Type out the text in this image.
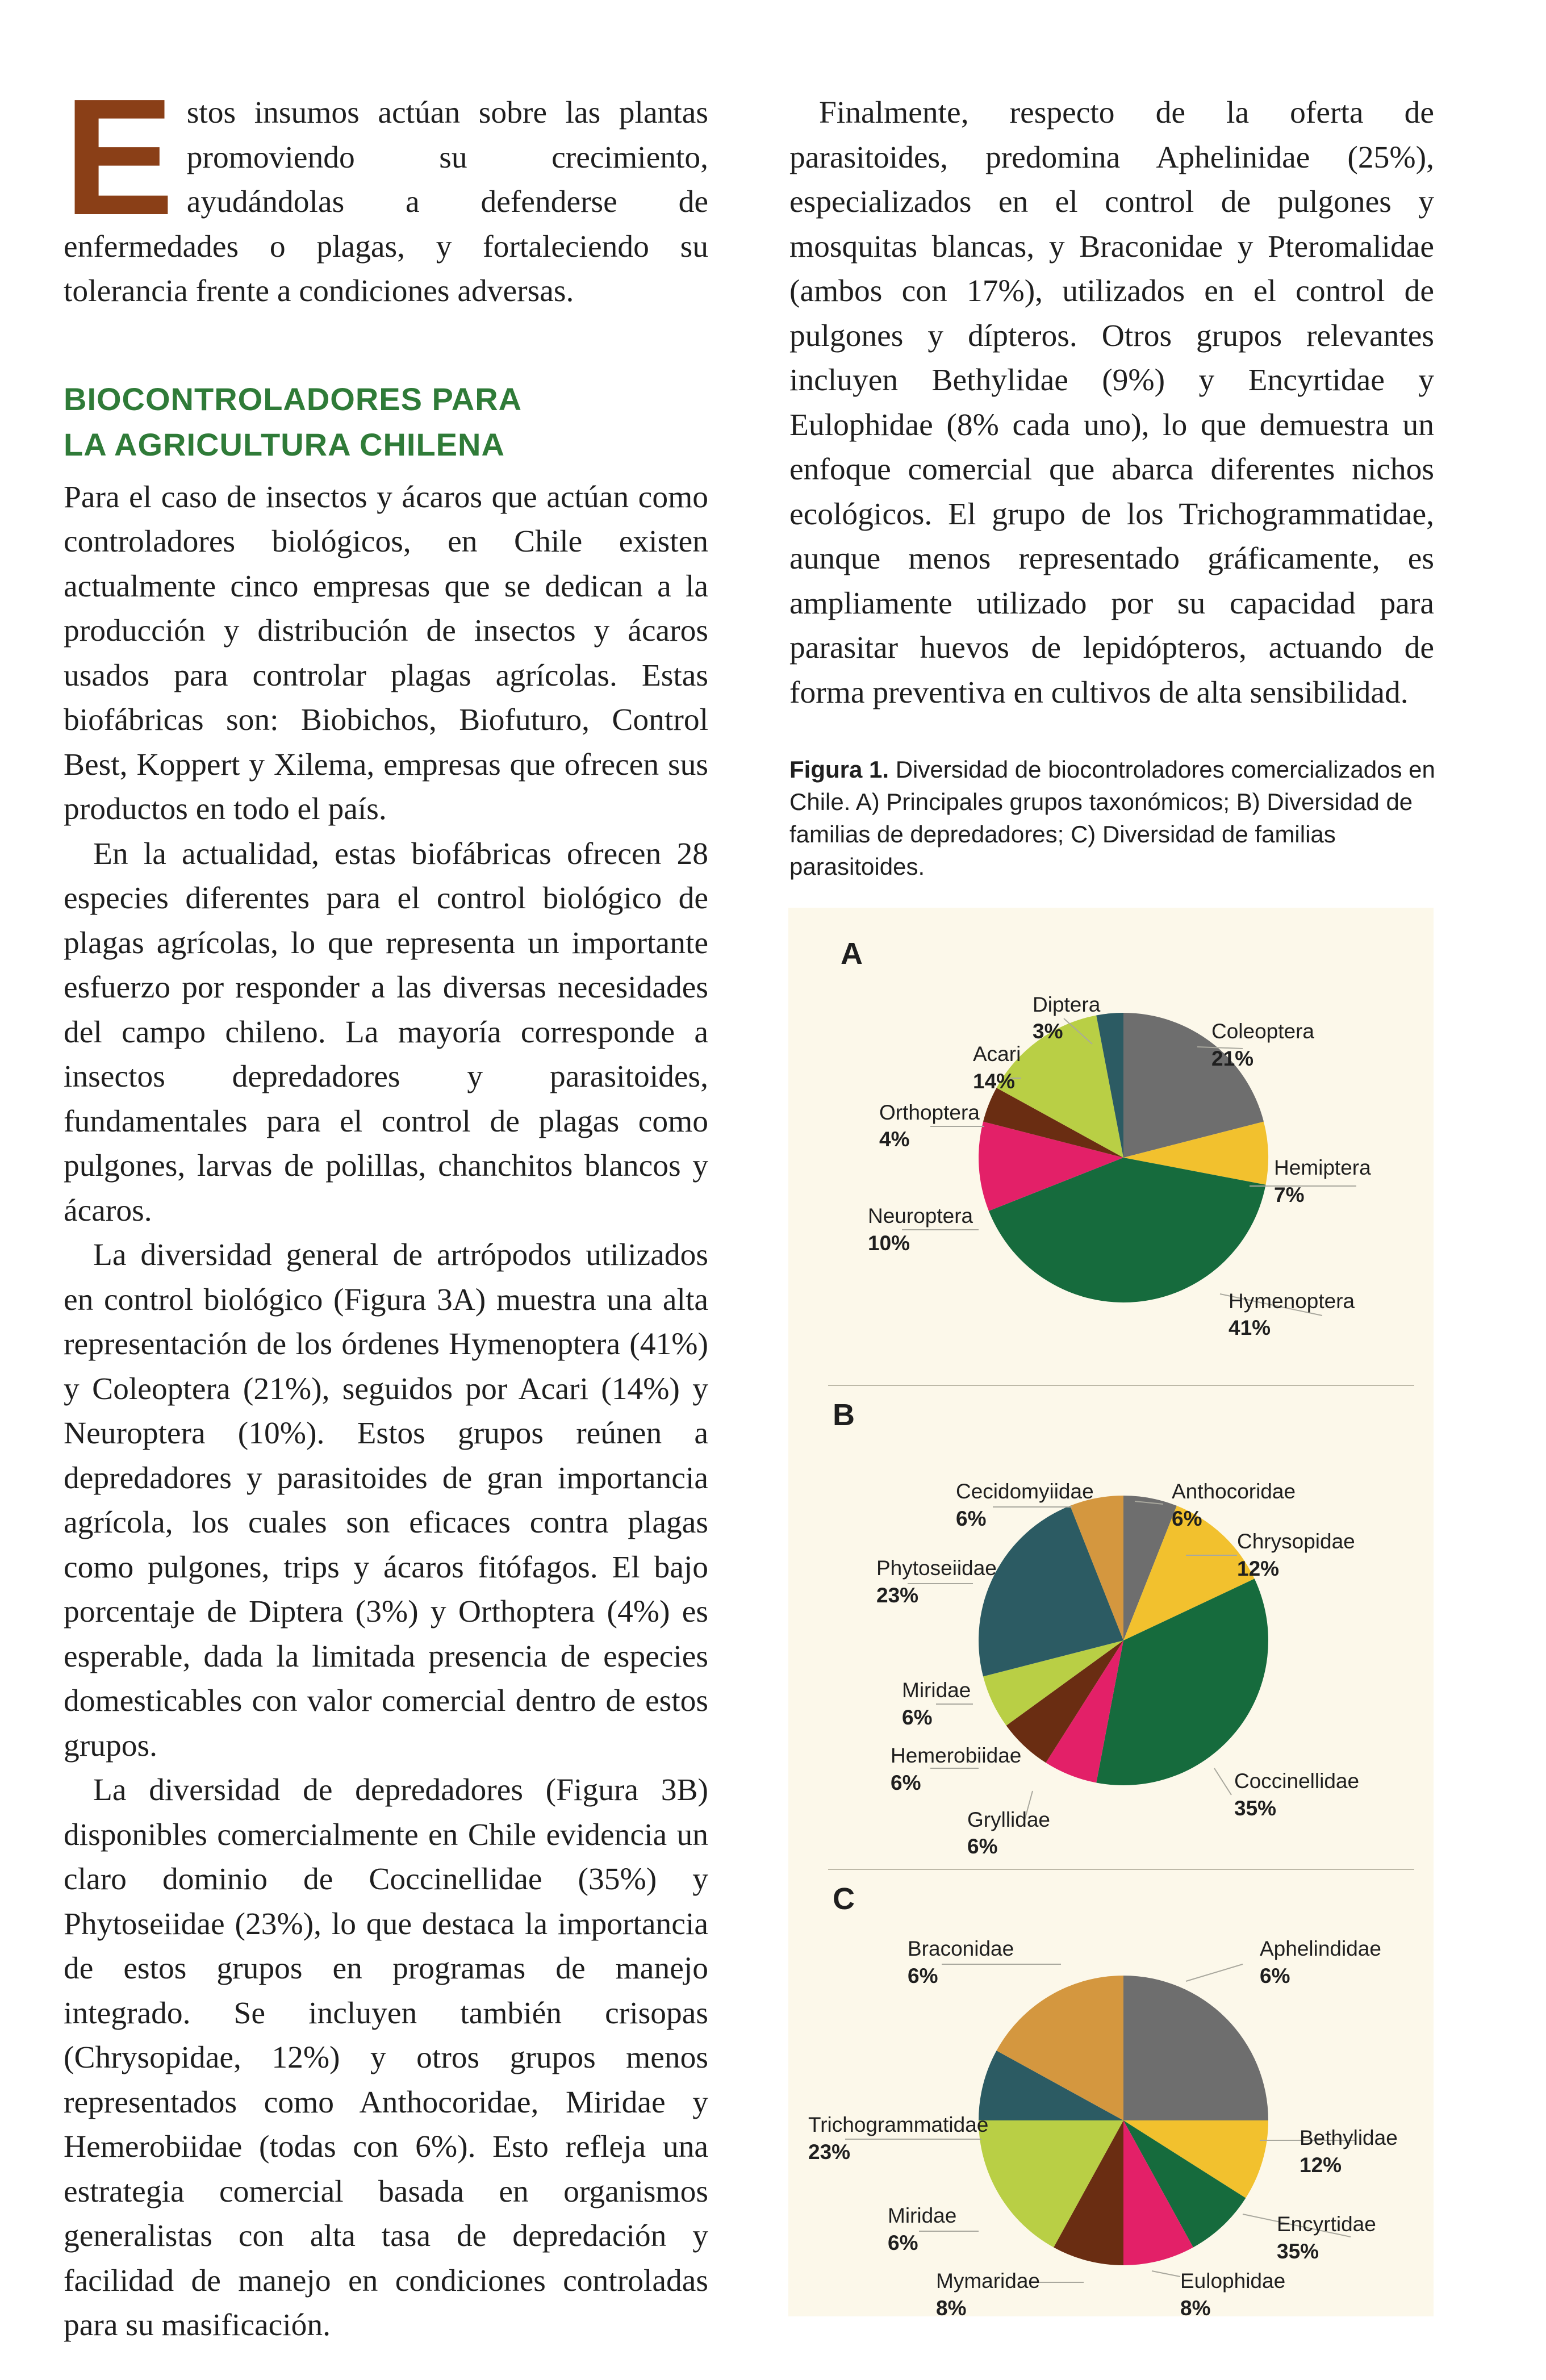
Estos insumos actúan sobre las plantas promoviendo su crecimiento, ayudándolas a defenderse de enfermedades o plagas, y fortaleciendo su tolerancia frente a condiciones adversas.

BIOCONTROLADORES PARA
LA AGRICULTURA CHILENA

Para el caso de insectos y ácaros que actúan como controladores biológicos, en Chile existen actualmente cinco empresas que se dedican a la producción y distribución de insectos y ácaros usados para controlar plagas agrícolas. Estas biofábricas son: Biobichos, Biofuturo, Control Best, Koppert y Xilema, empresas que ofrecen sus productos en todo el país.

En la actualidad, estas biofábricas ofrecen 28 especies diferentes para el control biológico de plagas agrícolas, lo que representa un importante esfuerzo por responder a las diversas necesidades del campo chileno. La mayoría corresponde a insectos depredadores y parasitoides, fundamentales para el control de plagas como pulgones, larvas de polillas, chanchitos blancos y ácaros.

La diversidad general de artrópodos utilizados en control biológico (Figura 3A) muestra una alta representación de los órdenes Hymenoptera (41%) y Coleoptera (21%), seguidos por Acari (14%) y Neuroptera (10%). Estos grupos reúnen a depredadores y parasitoides de gran importancia agrícola, los cuales son eficaces contra plagas como pulgones, trips y ácaros fitófagos. El bajo porcentaje de Diptera (3%) y Orthoptera (4%) es esperable, dada la limitada presencia de especies domesticables con valor comercial dentro de estos grupos.

La diversidad de depredadores (Figura 3B) disponibles comercialmente en Chile evidencia un claro dominio de Coccinellidae (35%) y Phytoseiidae (23%), lo que destaca la importancia de estos grupos en programas de manejo integrado. Se incluyen también crisopas (Chrysopidae, 12%) y otros grupos menos representados como Anthocoridae, Miridae y Hemerobiidae (todas con 6%). Esto refleja una estrategia comercial basada en organismos generalistas con alta tasa de depredación y facilidad de manejo en condiciones controladas para su masificación.

Finalmente, respecto de la oferta de parasitoides, predomina Aphelinidae (25%), especializados en el control de pulgones y mosquitas blancas, y Braconidae y Pteromalidae (ambos con 17%), utilizados en el control de pulgones y dípteros. Otros grupos relevantes incluyen Bethylidae (9%) y Encyrtidae y Eulophidae (8% cada uno), lo que demuestra un enfoque comercial que abarca diferentes nichos ecológicos. El grupo de los Trichogrammatidae, aunque menos representado gráficamente, es ampliamente utilizado por su capacidad para parasitar huevos de lepidópteros, actuando de forma preventiva en cultivos de alta sensibilidad.

Figura 1. Diversidad de biocontroladores comercializados en Chile. A) Principales grupos taxonómicos; B) Diversidad de familias de depredadores; C) Diversidad de familias parasitoides.
A
Coleoptera
21%
Hemiptera
7%
Hymenoptera
41%
Neuroptera
10%
Orthoptera
4%
Acari
14%
Diptera
3%
B
Anthocoridae
6%
Chrysopidae
12%
Coccinellidae
35%
Gryllidae
6%
Hemerobiidae
6%
Miridae
6%
Phytoseiidae
23%
Cecidomyiidae
6%
C
Aphelindidae
6%
Bethylidae
12%
Encyrtidae
35%
Eulophidae
8%
Mymaridae
8%
Miridae
6%
Trichogrammatidae
23%
Braconidae
6%
